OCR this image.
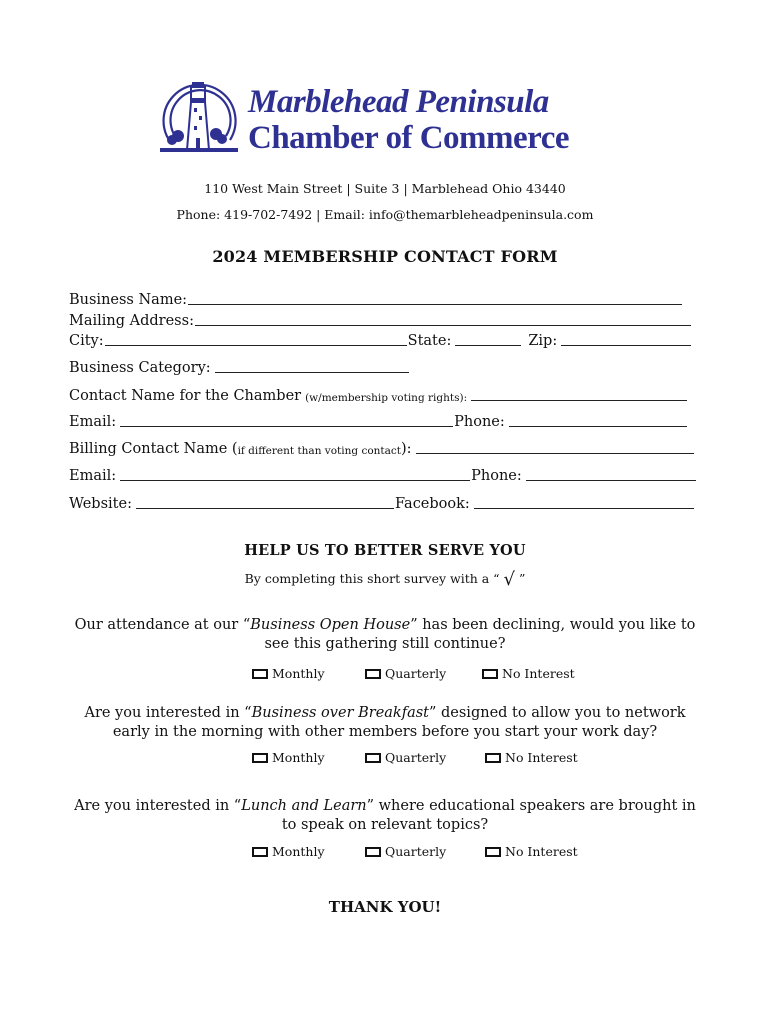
Marblehead Peninsula
Chamber of Commerce
110 West Main Street | Suite 3 | Marblehead Ohio 43440
Phone: 419-702-7492 | Email: info@themarbleheadpeninsula.com
2024 MEMBERSHIP CONTACT FORM
Business Name:
Mailing Address:
City:	State:	Zip:
Business Category:
Contact Name for the Chamber (w/membership voting rights):
Email:	Phone:
Billing Contact Name ( if different than voting contact ):
Email:	Phone:
Website:	Facebook:
HELP US TO BETTER SERVE YOU
By completing this short survey with a “ √ ”
Our attendance at our “Business Open House” has been declining, would you like to see this gathering still continue?
Monthly	Quarterly	No Interest
Are you interested in “Business over Breakfast” designed to allow you to network early in the morning with other members before you start your work day?
Monthly	Quarterly	No Interest
Are you interested in “Lunch and Learn” where educational speakers are brought in to speak on relevant topics?
Monthly	Quarterly	No Interest
THANK YOU!
